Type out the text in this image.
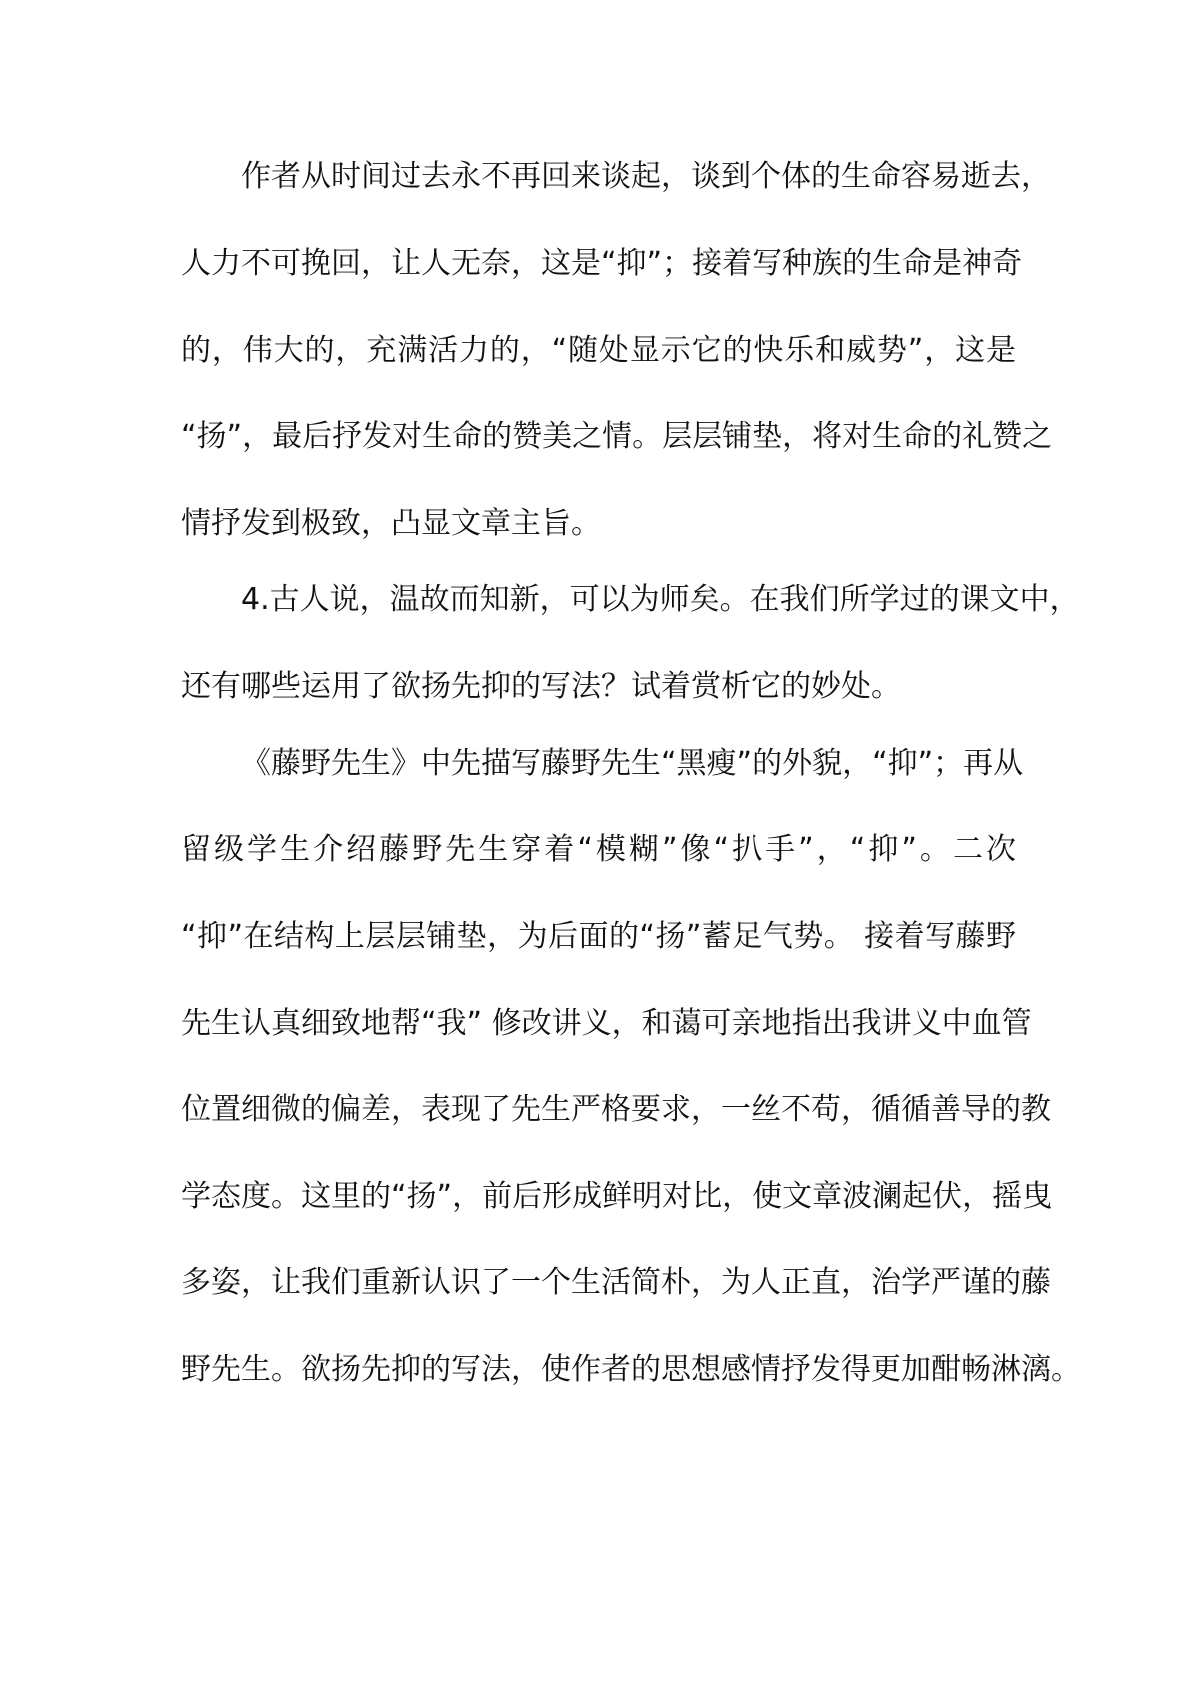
作者从时间过去永不再回来谈起，谈到个体的生命容易逝去，
人力不可挽回，让人无奈，这是“抑”；接着写种族的生命是神奇
的，伟大的，充满活力的，“随处显示它的快乐和威势”，这是
“扬”，最后抒发对生命的赞美之情。层层铺垫，将对生命的礼赞之
情抒发到极致，凸显文章主旨。
4.古人说，温故而知新，可以为师矣。在我们所学过的课文中，
还有哪些运用了欲扬先抑的写法？试着赏析它的妙处。
《藤野先生》中先描写藤野先生“黑瘦”的外貌，“抑”；再从
留级学生介绍藤野先生穿着“模糊”像“扒手”，“抑”。二次
“抑”在结构上层层铺垫，为后面的“扬”蓄足气势。 接着写藤野
先生认真细致地帮“我” 修改讲义，和蔼可亲地指出我讲义中血管
位置细微的偏差，表现了先生严格要求，一丝不苟，循循善导的教
学态度。这里的“扬”，前后形成鲜明对比，使文章波澜起伏，摇曳
多姿，让我们重新认识了一个生活简朴，为人正直，治学严谨的藤
野先生。欲扬先抑的写法，使作者的思想感情抒发得更加酣畅淋漓。
